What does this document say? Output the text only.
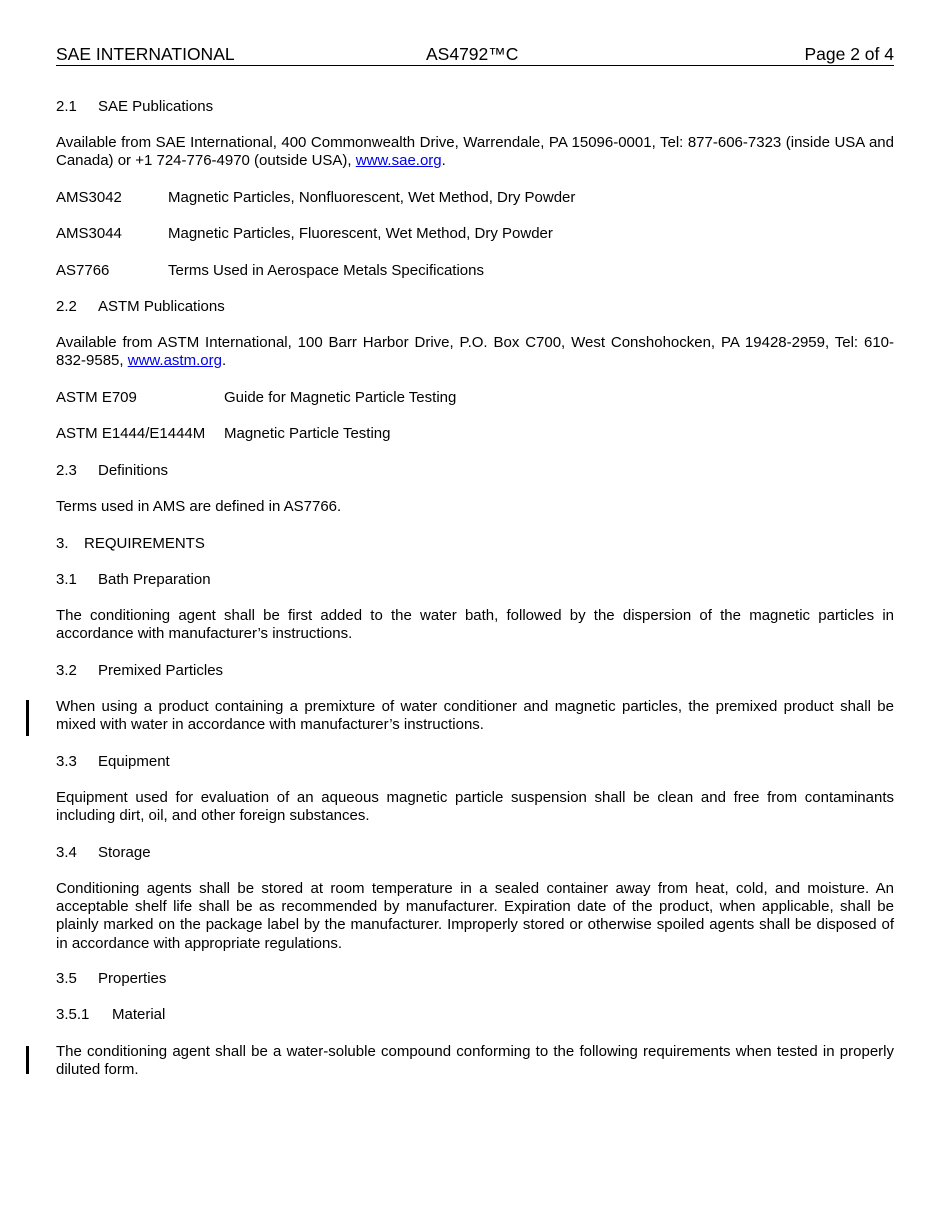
SAE INTERNATIONAL	AS4792™C	Page 2 of 4
2.1 SAE Publications
Available from SAE International, 400 Commonwealth Drive, Warrendale, PA 15096-0001, Tel: 877-606-7323 (inside USA and Canada) or +1 724-776-4970 (outside USA), www.sae.org.
AMS3042	Magnetic Particles, Nonfluorescent, Wet Method, Dry Powder
AMS3044	Magnetic Particles, Fluorescent, Wet Method, Dry Powder
AS7766	Terms Used in Aerospace Metals Specifications
2.2 ASTM Publications
Available from ASTM International, 100 Barr Harbor Drive, P.O. Box C700, West Conshohocken, PA 19428-2959, Tel: 610-832-9585, www.astm.org.
ASTM E709	Guide for Magnetic Particle Testing
ASTM E1444/E1444M Magnetic Particle Testing
2.3 Definitions
Terms used in AMS are defined in AS7766.
3. REQUIREMENTS
3.1 Bath Preparation
The conditioning agent shall be first added to the water bath, followed by the dispersion of the magnetic particles in accordance with manufacturer’s instructions.
3.2 Premixed Particles
When using a product containing a premixture of water conditioner and magnetic particles, the premixed product shall be mixed with water in accordance with manufacturer’s instructions.
3.3 Equipment
Equipment used for evaluation of an aqueous magnetic particle suspension shall be clean and free from contaminants including dirt, oil, and other foreign substances.
3.4 Storage
Conditioning agents shall be stored at room temperature in a sealed container away from heat, cold, and moisture. An acceptable shelf life shall be as recommended by manufacturer. Expiration date of the product, when applicable, shall be plainly marked on the package label by the manufacturer. Improperly stored or otherwise spoiled agents shall be disposed of in accordance with appropriate regulations.
3.5 Properties
3.5.1 Material
The conditioning agent shall be a water-soluble compound conforming to the following requirements when tested in properly diluted form.
